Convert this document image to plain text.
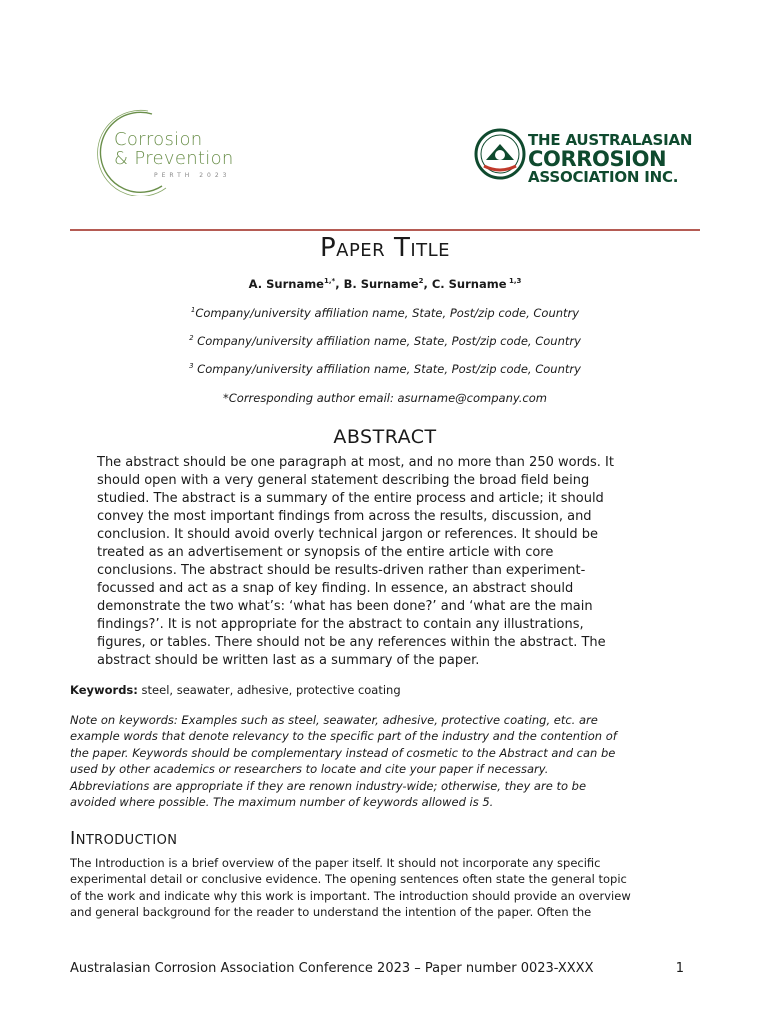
Corrosion
& Prevention
PERTH 2023
THE AUSTRALASIAN
CORROSION
ASSOCIATION INC.
Paper Title
A. Surname$^{1,*}$, B. Surname$^2$, C. Surname $^{1,3}$
$^1$Company/university affiliation name, State, Post/zip code, Country
$^2$ Company/university affiliation name, State, Post/zip code, Country
$^3$ Company/university affiliation name, State, Post/zip code, Country
*Corresponding author email: asurname@company.com
ABSTRACT
The abstract should be one paragraph at most, and no more than 250 words. It
should open with a very general statement describing the broad field being
studied. The abstract is a summary of the entire process and article; it should
convey the most important findings from across the results, discussion, and
conclusion. It should avoid overly technical jargon or references. It should be
treated as an advertisement or synopsis of the entire article with core
conclusions. The abstract should be results-driven rather than experiment-
focussed and act as a snap of key finding. In essence, an abstract should
demonstrate the two what’s: ‘what has been done?’ and ‘what are the main
findings?’. It is not appropriate for the abstract to contain any illustrations,
figures, or tables. There should not be any references within the abstract. The
abstract should be written last as a summary of the paper.
Keywords: steel, seawater, adhesive, protective coating
Note on keywords: Examples such as steel, seawater, adhesive, protective coating, etc. are
example words that denote relevancy to the specific part of the industry and the contention of
the paper. Keywords should be complementary instead of cosmetic to the Abstract and can be
used by other academics or researchers to locate and cite your paper if necessary.
Abbreviations are appropriate if they are renown industry-wide; otherwise, they are to be
avoided where possible. The maximum number of keywords allowed is 5.
Introduction
The Introduction is a brief overview of the paper itself. It should not incorporate any specific
experimental detail or conclusive evidence. The opening sentences often state the general topic
of the work and indicate why this work is important. The introduction should provide an overview
and general background for the reader to understand the intention of the paper. Often the
Australasian Corrosion Association Conference 2023 – Paper number 0023-XXXX	1
